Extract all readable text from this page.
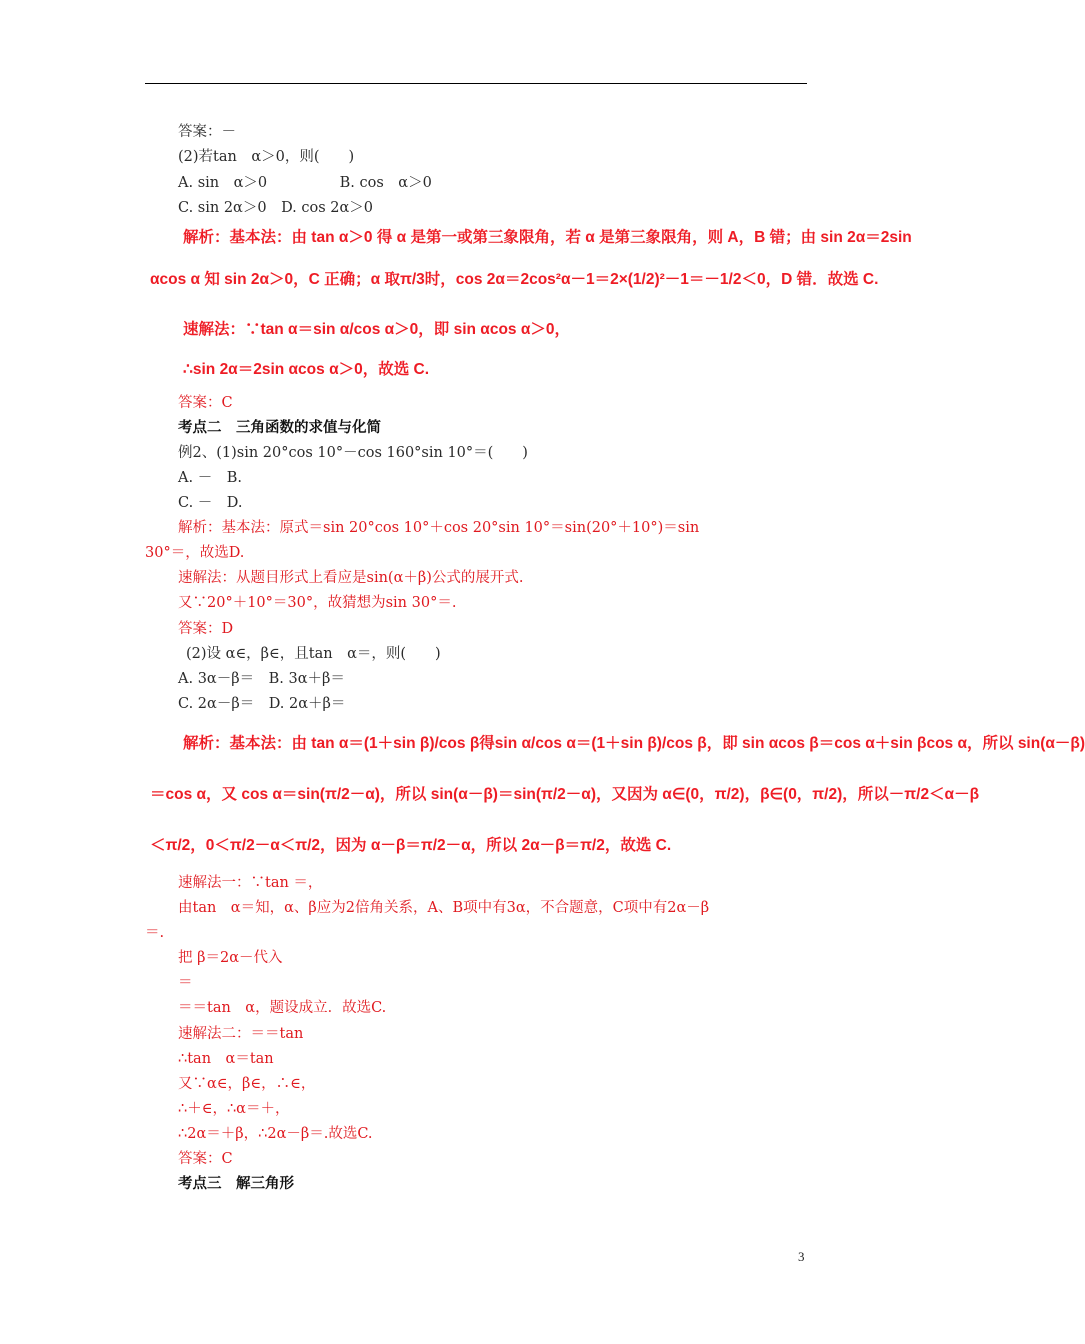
答案：－
(2)若tan　α＞0，则(　　)
A. sin　α＞0　　　　　B. cos　α＞0
C. sin 2α＞0　D. cos 2α＞0
解析：基本法：由 tan α＞0 得 α 是第一或第三象限角，若 α 是第三象限角，则 A，B 错；由 sin 2α＝2sin
αcos α 知 sin 2α＞0，C 正确；α 取π/3时，cos 2α＝2cos²α－1＝2×(1/2)²－1＝－1/2＜0，D 错．故选 C.
速解法：∵tan α＝sin α/cos α＞0，即 sin αcos α＞0，
∴sin 2α＝2sin αcos α＞0，故选 C.
答案：C
考点二　三角函数的求值与化简
例2、(1)sin 20°cos 10°－cos 160°sin 10°＝(　　)
A. －　B.
C. －　D.
解析：基本法：原式＝sin 20°cos 10°＋cos 20°sin 10°＝sin(20°＋10°)＝sin
30°＝，故选D.
速解法：从题目形式上看应是sin(α＋β)公式的展开式.
又∵20°＋10°＝30°，故猜想为sin 30°＝.
答案：D
(2)设 α∈，β∈，且tan　α＝，则(　　)
A. 3α－β＝　B. 3α＋β＝
C. 2α－β＝　D. 2α＋β＝
解析：基本法：由 tan α＝(1＋sin β)/cos β得sin α/cos α＝(1＋sin β)/cos β，即 sin αcos β＝cos α＋sin βcos α，所以 sin(α－β)
＝cos α，又 cos α＝sin(π/2－α)，所以 sin(α－β)＝sin(π/2－α)，又因为 α∈(0，π/2)，β∈(0，π/2)，所以－π/2＜α－β
＜π/2，0＜π/2－α＜π/2，因为 α－β＝π/2－α，所以 2α－β＝π/2，故选 C.
速解法一：∵tan ＝，
由tan　α＝知，α、β应为2倍角关系，A、B项中有3α，不合题意，C项中有2α－β
＝.
把 β＝2α－代入
＝
＝＝tan　α，题设成立．故选C.
速解法二：＝＝tan
∴tan　α＝tan
又∵α∈，β∈，∴∈，
∴＋∈，∴α＝＋，
∴2α＝＋β，∴2α－β＝.故选C.
答案：C
考点三　解三角形
3
